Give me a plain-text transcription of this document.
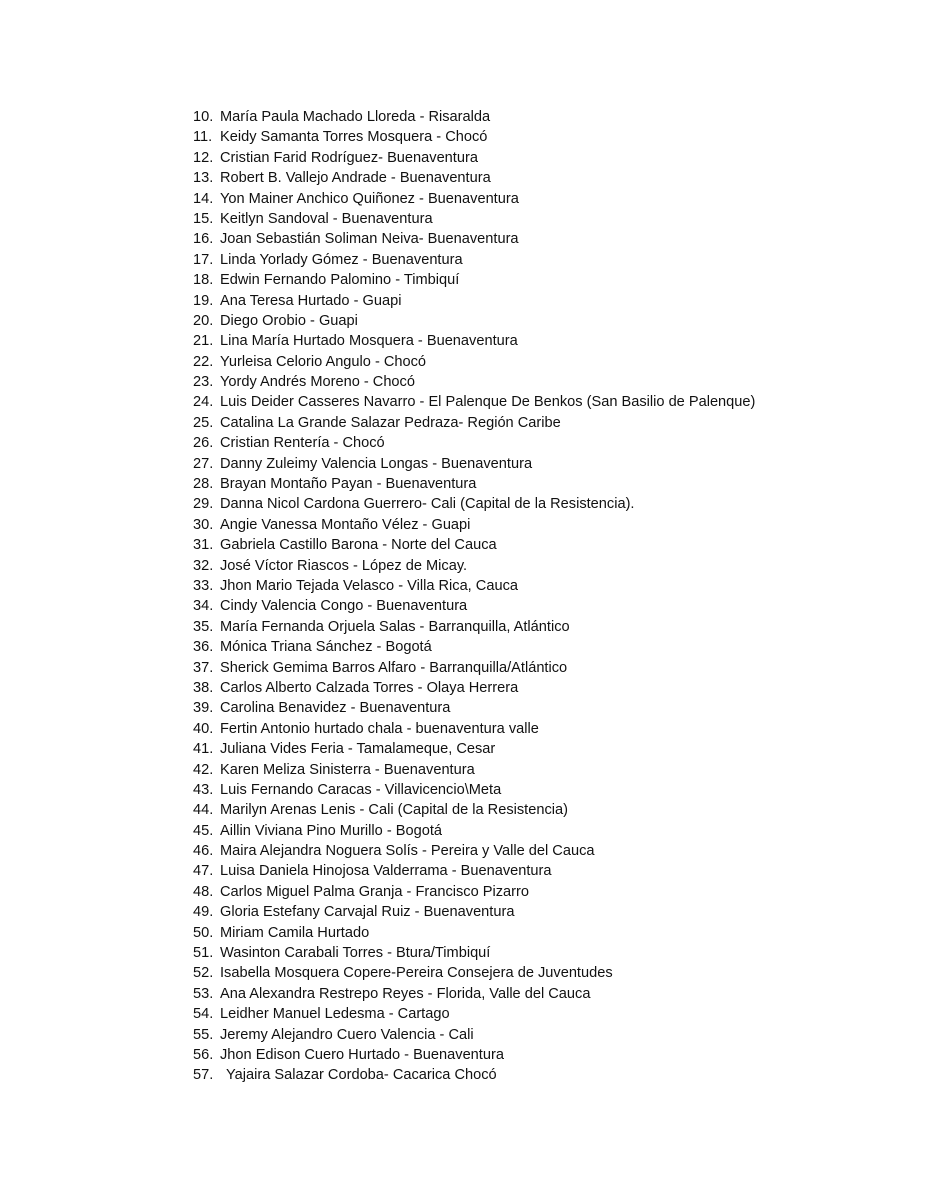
10. María Paula Machado Lloreda - Risaralda
11. Keidy Samanta Torres Mosquera - Chocó
12. Cristian Farid Rodríguez- Buenaventura
13. Robert B. Vallejo Andrade - Buenaventura
14. Yon Mainer Anchico Quiñonez - Buenaventura
15. Keitlyn Sandoval - Buenaventura
16. Joan Sebastián Soliman Neiva- Buenaventura
17. Linda Yorlady Gómez - Buenaventura
18. Edwin Fernando Palomino - Timbiquí
19. Ana Teresa Hurtado - Guapi
20. Diego Orobio - Guapi
21. Lina María Hurtado Mosquera - Buenaventura
22. Yurleisa Celorio Angulo - Chocó
23. Yordy Andrés Moreno - Chocó
24. Luis Deider Casseres Navarro - El Palenque De Benkos (San Basilio de Palenque)
25. Catalina La Grande Salazar Pedraza- Región Caribe
26. Cristian Rentería - Chocó
27. Danny Zuleimy Valencia Longas - Buenaventura
28. Brayan Montaño Payan - Buenaventura
29. Danna Nicol Cardona Guerrero- Cali (Capital de la Resistencia).
30. Angie Vanessa Montaño Vélez - Guapi
31. Gabriela Castillo Barona - Norte del Cauca
32. José Víctor Riascos - López de Micay.
33. Jhon Mario Tejada Velasco - Villa Rica, Cauca
34. Cindy Valencia Congo - Buenaventura
35. María Fernanda Orjuela Salas - Barranquilla, Atlántico
36. Mónica Triana Sánchez - Bogotá
37. Sherick Gemima Barros Alfaro - Barranquilla/Atlántico
38. Carlos Alberto Calzada Torres - Olaya Herrera
39. Carolina Benavidez - Buenaventura
40. Fertin Antonio hurtado chala - buenaventura valle
41. Juliana Vides Feria - Tamalameque, Cesar
42. Karen Meliza Sinisterra - Buenaventura
43. Luis Fernando Caracas - Villavicencio\Meta
44. Marilyn Arenas Lenis - Cali (Capital de la Resistencia)
45. Aillin Viviana Pino Murillo - Bogotá
46. Maira Alejandra Noguera Solís - Pereira y Valle del Cauca
47. Luisa Daniela Hinojosa Valderrama - Buenaventura
48. Carlos Miguel Palma Granja - Francisco Pizarro
49. Gloria Estefany Carvajal Ruiz - Buenaventura
50. Miriam Camila Hurtado
51. Wasinton Carabali Torres - Btura/Timbiquí
52. Isabella Mosquera Copere-Pereira Consejera de Juventudes
53. Ana Alexandra Restrepo Reyes - Florida, Valle del Cauca
54. Leidher Manuel Ledesma - Cartago
55. Jeremy Alejandro Cuero Valencia - Cali
56. Jhon Edison Cuero Hurtado - Buenaventura
57. Yajaira Salazar Cordoba- Cacarica Chocó
